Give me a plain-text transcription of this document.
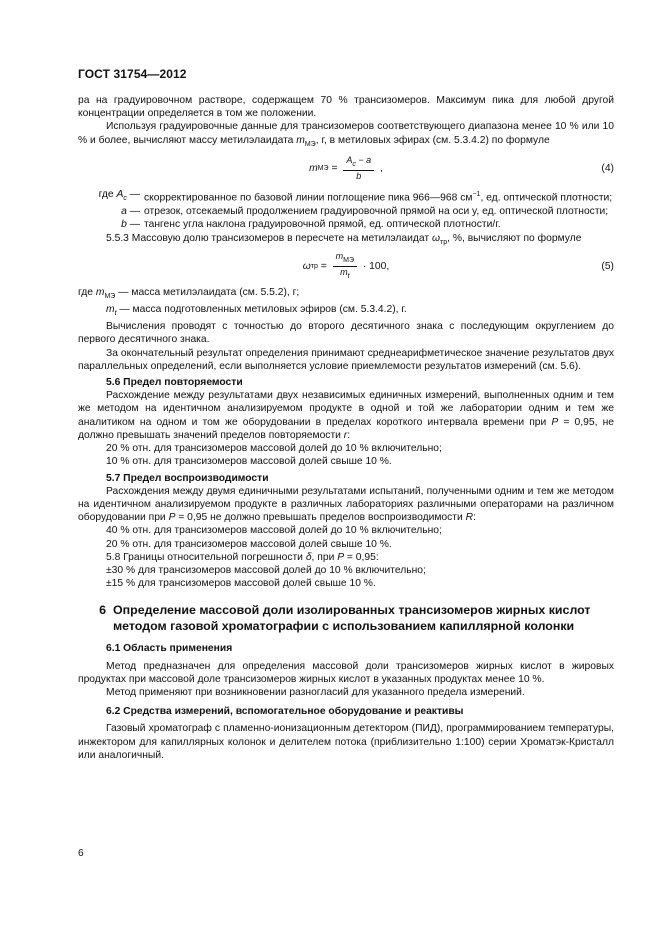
ГОСТ 31754—2012

ра на градуировочном растворе, содержащем 70 % трансизомеров. Максимум пика для любой другой концентрации определяется в том же положении.

Используя градуировочные данные для трансизомеров соответствующего диапазона менее 10 % или 10 % и более, вычисляют массу метилэлаидата $m_{МЭ}$, г, в метиловых эфирах (см. 5.3.4.2) по формуле

m МЭ = $\frac{A_c - a}{b}$ ,	(4)
где $A_c$ — скорректированное по базовой линии поглощение пика 966—968 $см^{-1}$, ед. оптической плотности;
a — отрезок, отсекаемый продолжением градуировочной прямой на оси y, ед. оптической плотности;
b — тангенс угла наклона градуировочной прямой, ед. оптической плотности/г.

5.5.3 Массовую долю трансизомеров в пересчете на метилэлаидат $\omega_{тр}$, %, вычисляют по формуле

ω тр = $\frac{m_{МЭ}}{m_t} \cdot 100$,	(5)

где $m_{МЭ}$ — масса метилэлаидата (см. 5.5.2), г;

$m_t$ — масса подготовленных метиловых эфиров (см. 5.3.4.2), г.

Вычисления проводят с точностью до второго десятичного знака с последующим округлением до первого десятичного знака.

За окончательный результат определения принимают среднеарифметическое значение результатов двух параллельных определений, если выполняется условие приемлемости результатов измерений (см. 5.6).

5.6 Предел повторяемости

Расхождение между результатами двух независимых единичных измерений, выполненных одним и тем же методом на идентичном анализируемом продукте в одной и той же лаборатории одним и тем же аналитиком на одном и том же оборудовании в пределах короткого интервала времени при P = 0,95, не должно превышать значений пределов повторяемости r:

20 % отн. для трансизомеров массовой долей до 10 % включительно;

10 % отн. для трансизомеров массовой долей свыше 10 %.

5.7 Предел воспроизводимости

Расхождения между двумя единичными результатами испытаний, полученными одним и тем же методом на идентичном анализируемом продукте в различных лабораториях различными операторами на различном оборудовании при P = 0,95 не должно превышать пределов воспроизводимости R:

40 % отн. для трансизомеров массовой долей до 10 % включительно;

20 % отн. для трансизомеров массовой долей свыше 10 %.

5.8 Границы относительной погрешности δ, при P = 0,95:

±30 % для трансизомеров массовой долей до 10 % включительно;

±15 % для трансизомеров массовой долей свыше 10 %.

6 Определение массовой доли изолированных трансизомеров жирных кислот методом газовой хроматографии с использованием капиллярной колонки

6.1 Область применения

Метод предназначен для определения массовой доли трансизомеров жирных кислот в жировых продуктах при массовой доле трансизомеров жирных кислот в указанных продуктах менее 10 %.

Метод применяют при возникновении разногласий для указанного предела измерений.

6.2 Средства измерений, вспомогательное оборудование и реактивы

Газовый хроматограф с пламенно-ионизационным детектором (ПИД), программированием температуры, инжектором для капиллярных колонок и делителем потока (приблизительно 1:100) серии Хроматэк-Кристалл или аналогичный.

6
